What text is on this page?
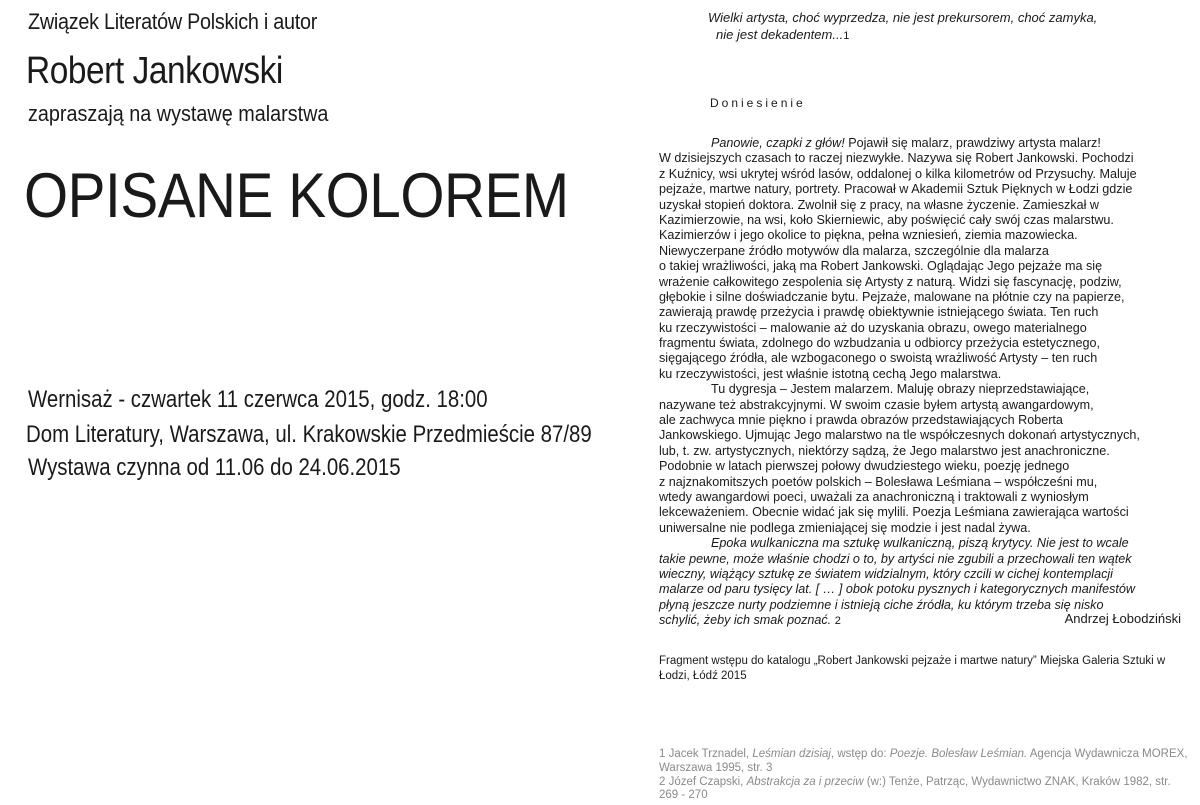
Związek Literatów Polskich i autor
Robert Jankowski
zapraszają na wystawę malarstwa
OPISANE KOLOREM
Wernisaż - czwartek 11 czerwca 2015, godz. 18:00
Dom Literatury, Warszawa, ul. Krakowskie Przedmieście 87/89
Wystawa czynna od 11.06 do 24.06.2015
Wielki artysta, choć wyprzedza, nie jest prekursorem, choć zamyka,
nie jest dekadentem...1
Doniesienie
Panowie, czapki z głów! Pojawił się malarz, prawdziwy artysta malarz!
W dzisiejszych czasach to raczej niezwykłe. Nazywa się Robert Jankowski. Pochodzi
z Kuźnicy, wsi ukrytej wśród lasów, oddalonej o kilka kilometrów od Przysuchy. Maluje
pejzaże, martwe natury, portrety. Pracował w Akademii Sztuk Pięknych w Łodzi gdzie
uzyskał stopień doktora. Zwolnił się z pracy, na własne życzenie. Zamieszkał w
Kazimierzowie, na wsi, koło Skierniewic, aby poświęcić cały swój czas malarstwu.
Kazimierzów i jego okolice to piękna, pełna wzniesień, ziemia mazowiecka.
Niewyczerpane źródło motywów dla malarza, szczególnie dla malarza
o takiej wrażliwości, jaką ma Robert Jankowski. Oglądając Jego pejzaże ma się
wrażenie całkowitego zespolenia się Artysty z naturą. Widzi się fascynację, podziw,
głębokie i silne doświadczanie bytu. Pejzaże, malowane na płótnie czy na papierze,
zawierają prawdę przeżycia i prawdę obiektywnie istniejącego świata. Ten ruch
ku rzeczywistości – malowanie aż do uzyskania obrazu, owego materialnego
fragmentu świata, zdolnego do wzbudzania u odbiorcy przeżycia estetycznego,
sięgającego źródła, ale wzbogaconego o swoistą wrażliwość Artysty – ten ruch
ku rzeczywistości, jest właśnie istotną cechą Jego malarstwa.
Tu dygresja – Jestem malarzem. Maluję obrazy nieprzedstawiające,
nazywane też abstrakcyjnymi. W swoim czasie byłem artystą awangardowym,
ale zachwyca mnie piękno i prawda obrazów przedstawiających Roberta
Jankowskiego. Ujmując Jego malarstwo na tle współczesnych dokonań artystycznych,
lub, t. zw. artystycznych, niektórzy sądzą, że Jego malarstwo jest anachroniczne.
Podobnie w latach pierwszej połowy dwudziestego wieku, poezję jednego
z najznakomitszych poetów polskich – Bolesława Leśmiana – współcześni mu,
wtedy awangardowi poeci, uważali za anachroniczną i traktowali z wyniosłym
lekceważeniem. Obecnie widać jak się mylili. Poezja Leśmiana zawierająca wartości
uniwersalne nie podlega zmieniającej się modzie i jest nadal żywa.
Epoka wulkaniczna ma sztukę wulkaniczną, piszą krytycy. Nie jest to wcale
takie pewne, może właśnie chodzi o to, by artyści nie zgubili a przechowali ten wątek
wieczny, wiążący sztukę ze światem widzialnym, który czcili w cichej kontemplacji
malarze od paru tysięcy lat. [ … ] obok potoku pysznych i kategorycznych manifestów
płyną jeszcze nurty podziemne i istnieją ciche źródła, ku którym trzeba się nisko
schylić, żeby ich smak poznać. 2	Andrzej Łobodziński
Fragment wstępu do katalogu „Robert Jankowski pejzaże i martwe natury” Miejska Galeria Sztuki w Łodzi, Łódź 2015
1 Jacek Trznadel, Leśmian dzisiaj, wstęp do: Poezje. Bolesław Leśmian. Agencja Wydawnicza MOREX, Warszawa 1995, str. 3
2 Józef Czapski, Abstrakcja za i przeciw (w:) Tenże, Patrząc, Wydawnictwo ZNAK, Kraków 1982, str. 269 - 270
